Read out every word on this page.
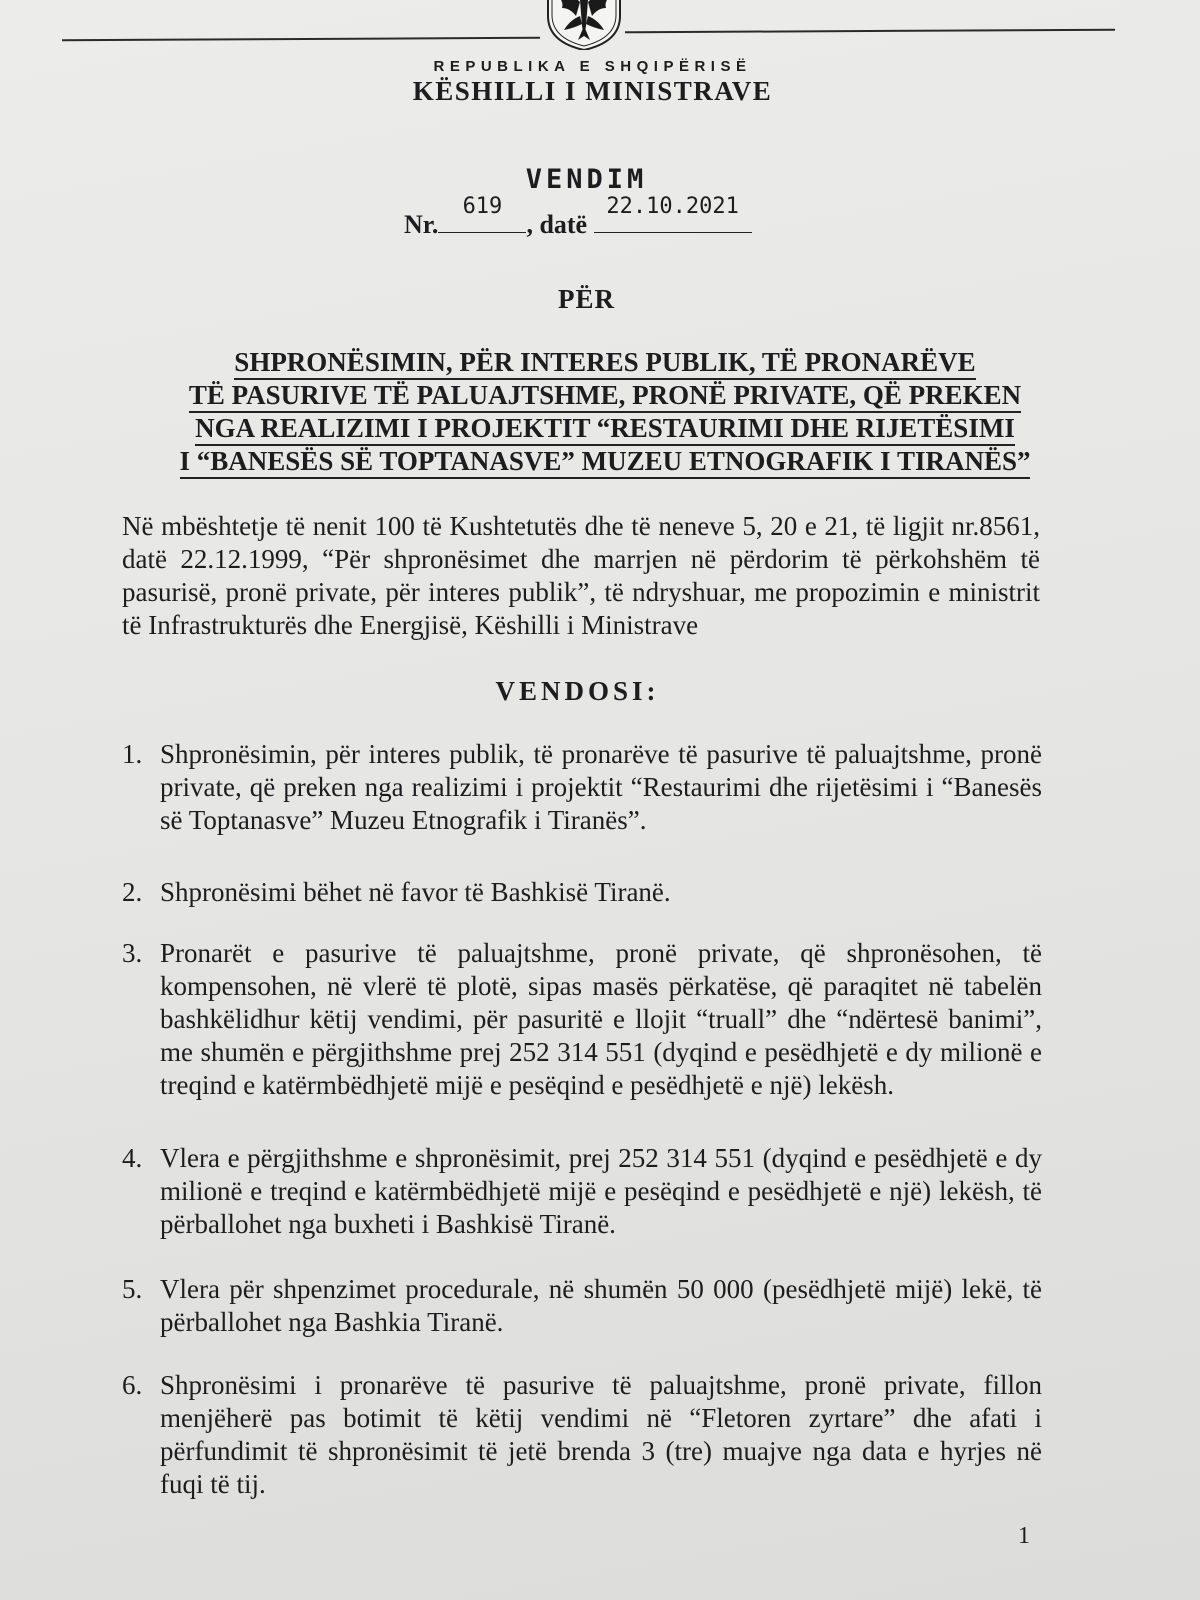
REPUBLIKA E SHQIPËRISË
KËSHILLI I MINISTRAVE
VENDIM
Nr.
619
, datë
22.10.2021
PËR
SHPRONËSIMIN, PËR INTERES PUBLIK, TË PRONARËVE
TË PASURIVE TË PALUAJTSHME, PRONË PRIVATE, QË PREKEN
NGA REALIZIMI I PROJEKTIT “RESTAURIMI DHE RIJETËSIMI
I “BANESËS SË TOPTANASVE” MUZEU ETNOGRAFIK I TIRANËS”
Në mbështetje të nenit 100 të Kushtetutës dhe të neneve 5, 20 e 21, të ligjit nr.8561, datë 22.12.1999, “Për shpronësimet dhe marrjen në përdorim të përkohshëm të pasurisë, pronë private, për interes publik”, të ndryshuar, me propozimin e ministrit të Infrastrukturës dhe Energjisë, Këshilli i Ministrave
VENDOSI:
1. Shpronësimin, për interes publik, të pronarëve të pasurive të paluajtshme, pronë private, që preken nga realizimi i projektit “Restaurimi dhe rijetësimi i “Banesës së Toptanasve” Muzeu Etnografik i Tiranës”.
2. Shpronësimi bëhet në favor të Bashkisë Tiranë.
3. Pronarët e pasurive të paluajtshme, pronë private, që shpronësohen, të kompensohen, në vlerë të plotë, sipas masës përkatëse, që paraqitet në tabelën bashkëlidhur këtij vendimi, për pasuritë e llojit “truall” dhe “ndërtesë banimi”, me shumën e përgjithshme prej 252 314 551 (dyqind e pesëdhjetë e dy milionë e treqind e katërmbëdhjetë mijë e pesëqind e pesëdhjetë e një) lekësh.
4. Vlera e përgjithshme e shpronësimit, prej 252 314 551 (dyqind e pesëdhjetë e dy milionë e treqind e katërmbëdhjetë mijë e pesëqind e pesëdhjetë e një) lekësh, të përballohet nga buxheti i Bashkisë Tiranë.
5. Vlera për shpenzimet procedurale, në shumën 50 000 (pesëdhjetë mijë) lekë, të përballohet nga Bashkia Tiranë.
6. Shpronësimi i pronarëve të pasurive të paluajtshme, pronë private, fillon menjëherë pas botimit të këtij vendimi në “Fletoren zyrtare” dhe afati i përfundimit të shpronësimit të jetë brenda 3 (tre) muajve nga data e hyrjes në fuqi të tij.
1
